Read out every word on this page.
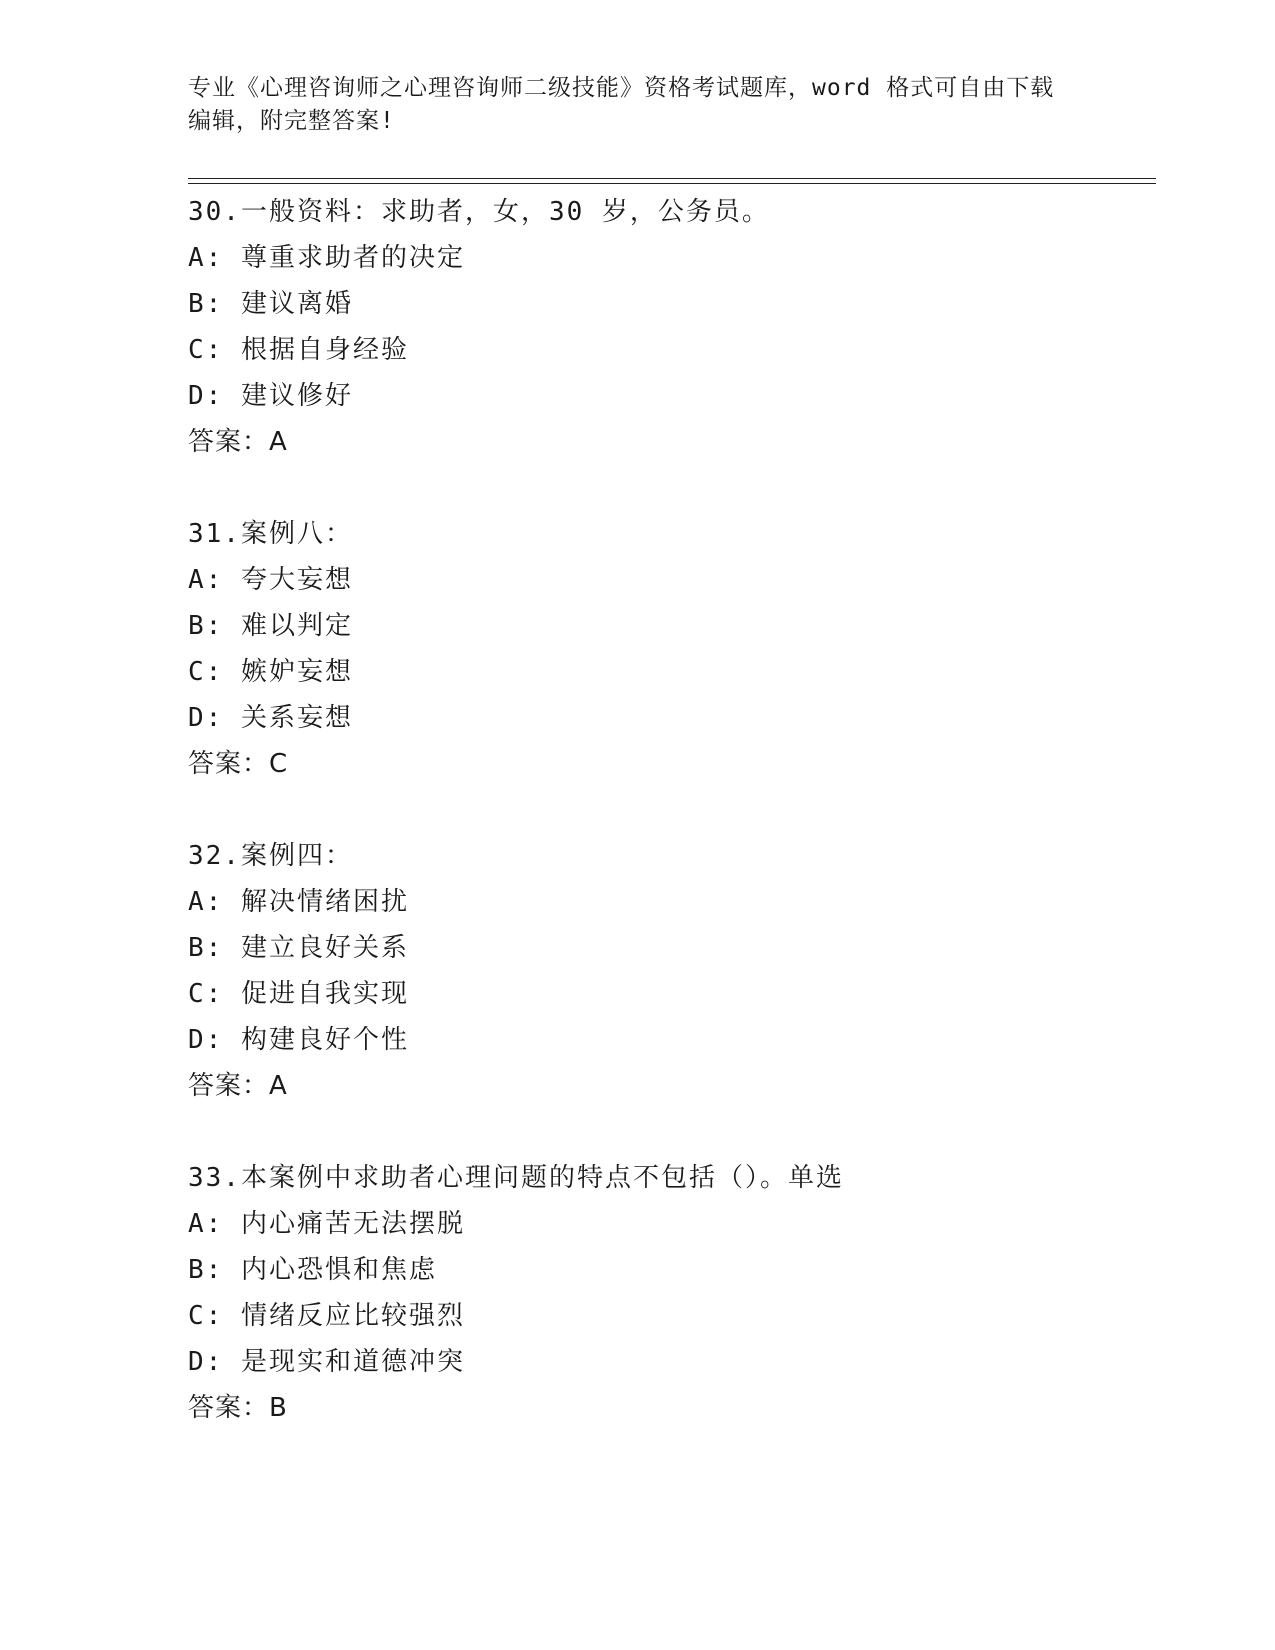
专业《心理咨询师之心理咨询师二级技能》资格考试题库，word 格式可自由下载
编辑，附完整答案!
30.一般资料：求助者，女，30 岁，公务员。
A: 尊重求助者的决定
B: 建议离婚
C: 根据自身经验
D: 建议修好
答案：A
31.案例八：
A: 夸大妄想
B: 难以判定
C: 嫉妒妄想
D: 关系妄想
答案：C
32.案例四：
A: 解决情绪困扰
B: 建立良好关系
C: 促进自我实现
D: 构建良好个性
答案：A
33.本案例中求助者心理问题的特点不包括（）。单选
A: 内心痛苦无法摆脱
B: 内心恐惧和焦虑
C: 情绪反应比较强烈
D: 是现实和道德冲突
答案：B
